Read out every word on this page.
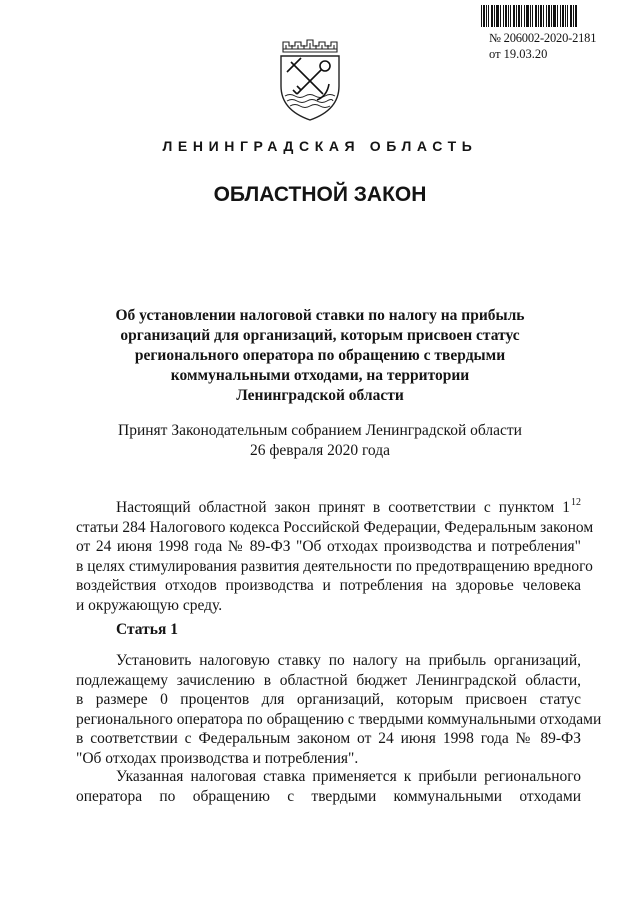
№ 206002-2020-2181
от 19.03.20
ЛЕНИНГРАДСКАЯ ОБЛАСТЬ
ОБЛАСТНОЙ ЗАКОН
Об установлении налоговой ставки по налогу на прибыль
организаций для организаций, которым присвоен статус
регионального оператора по обращению с твердыми
коммунальными отходами, на территории
Ленинградской области
Принят Законодательным собранием Ленинградской области
26 февраля 2020 года
Настоящий областной закон принят в соответствии с пунктом $1^{12}$
статьи 284 Налогового кодекса Российской Федерации, Федеральным законом
от 24 июня 1998 года № 89-ФЗ "Об отходах производства и потребления"
в целях стимулирования развития деятельности по предотвращению вредного
воздействия отходов производства и потребления на здоровье человека
и окружающую среду.
Статья 1
Установить налоговую ставку по налогу на прибыль организаций,
подлежащему зачислению в областной бюджет Ленинградской области,
в размере 0 процентов для организаций, которым присвоен статус
регионального оператора по обращению с твердыми коммунальными отходами
в соответствии с Федеральным законом от 24 июня 1998 года № 89-ФЗ
"Об отходах производства и потребления".
Указанная налоговая ставка применяется к прибыли регионального
оператора по обращению с твердыми коммунальными отходами
